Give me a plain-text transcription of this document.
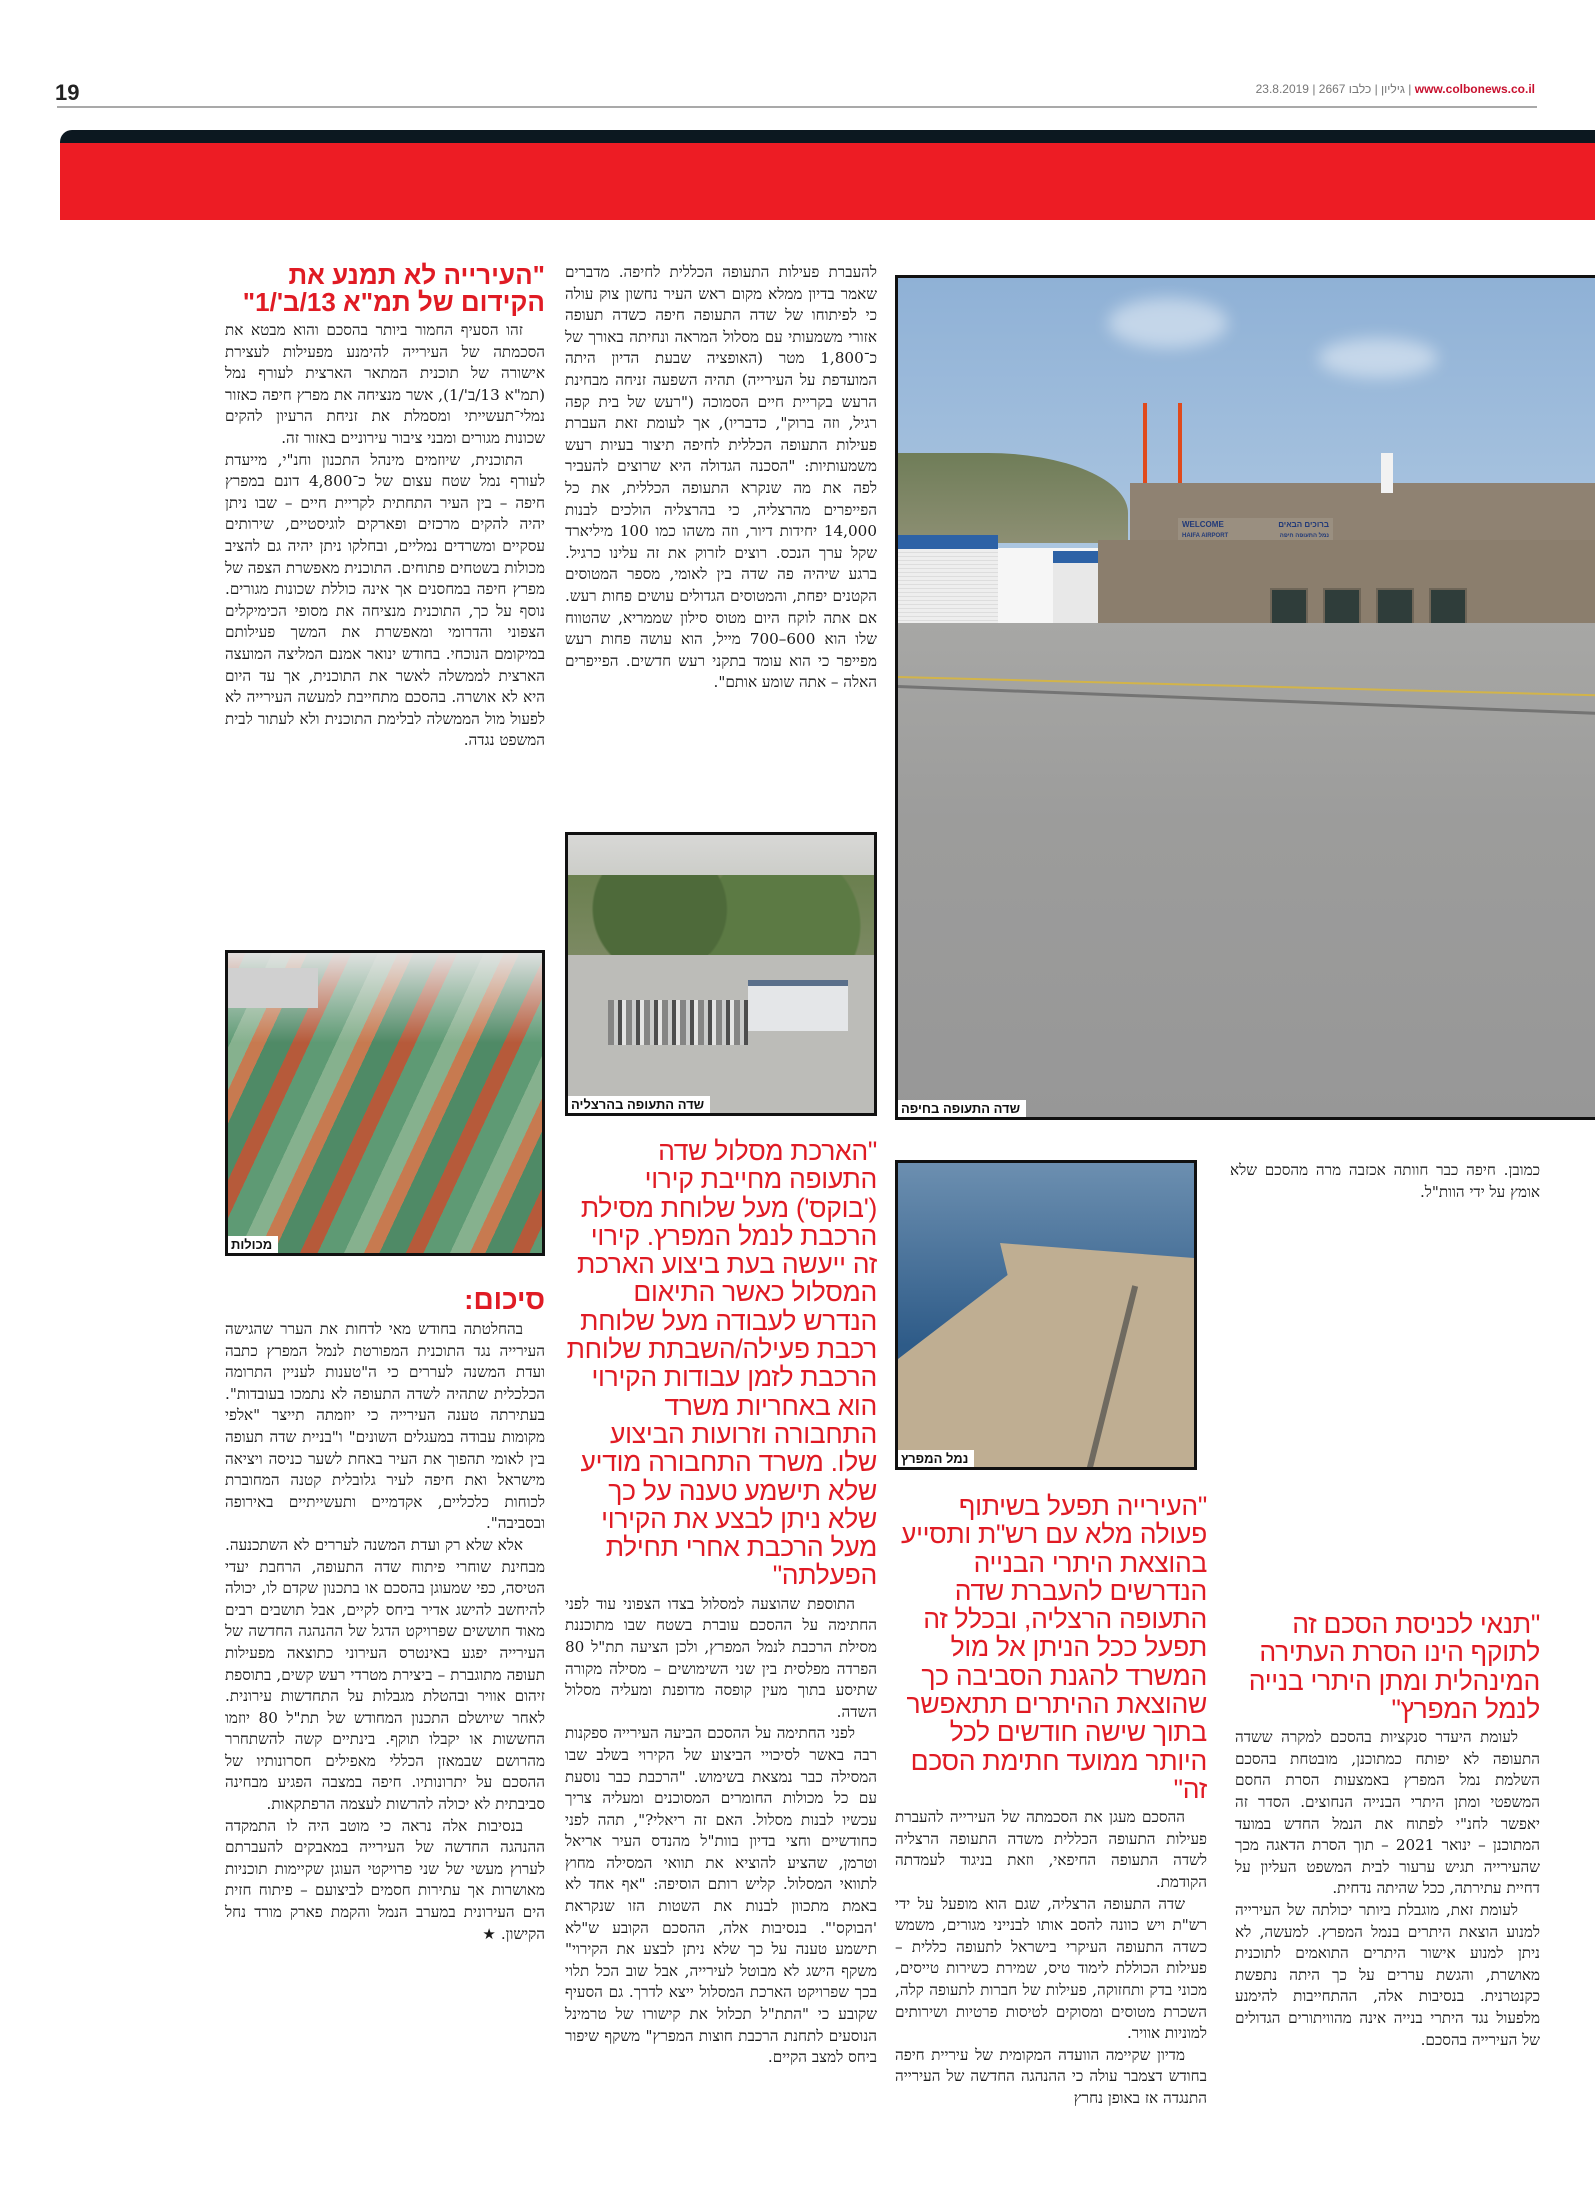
19	23.8.2019 | 2667 גיליון | כלבו | www.colbonews.co.il
WELCOME	ברוכים הבאים
HAIFA AIRPORT	נמל התעופה חיפה
שדה התעופה בחיפה
שדה התעופה בהרצליה
מכולות
נמל המפרץ
"העירייה לא תמנע את הקידום של תמ"א 13/ב'/1"

זהו הסעיף החמור ביותר בהסכם והוא מבטא את הסכמתה של העירייה להימנע מפעילות לעצירת אישורה של תוכנית המתאר הארצית לעורף נמל (תמ"א 13/ב'/1), אשר מנציחה את מפרץ חיפה כאזור נמלי־תעשייתי ומסמלת את זניחת הרעיון להקים שכונות מגורים ומבני ציבור עירוניים באזור זה.

התוכנית, שיוזמים מינהל התכנון וחנ"י, מייעדת לעורף נמל שטח עצום של כ־4,800 דונם במפרץ חיפה – בין העיר התחתית לקריית חיים – שבו ניתן יהיה להקים מרכזים ופארקים לוגיסטיים, שירותים עסקיים ומשרדים נמליים, ובחלקו ניתן יהיה גם להציב מכולות בשטחים פתוחים. התוכנית מאפשרת הצפה של מפרץ חיפה במחסנים אך אינה כוללת שכונות מגורים. נוסף על כך, התוכנית מנציחה את מסופי הכימיקלים הצפוני והדרומי ומאפשרת את המשך פעילותם במיקומם הנוכחי. בחודש ינואר אמנם המליצה המועצה הארצית לממשלה לאשר את התוכנית, אך עד היום היא לא אושרה. בהסכם מתחייבת למעשה העירייה לא לפעול מול הממשלה לבלימת התוכנית ולא לעתור לבית המשפט נגדה.

סיכום:

בהחלטתה בחודש מאי לדחות את הערר שהגישה העירייה נגד התוכנית המפורטת לנמל המפרץ כתבה ועדת המשנה לעררים כי ה"טענות לעניין התרומה הכלכלית שתהיה לשדה התעופה לא נתמכו בעובדות". בעתירתה טענה העירייה כי יוזמתה תייצר "אלפי מקומות עבודה במעגלים השונים" ו"בניית שדה תעופה בין לאומי תהפוך את העיר באחת לשער כניסה ויציאה מישראל ואת חיפה לעיר גלובלית קטנה המחוברת לכוחות כלכליים, אקדמיים ותעשייתיים באירופה ובסביבה".

אלא שלא רק ועדת המשנה לעררים לא השתכנעה. מבחינת שוחרי פיתוח שדה התעופה, הרחבת יעדי הטיסה, כפי שמעוגן בהסכם או בתכנון שקדם לו, יכולה להיחשב להישג אדיר ביחס לקיים, אבל תושבים רבים מאוד חוששים שפרויקט הדגל של ההנהגה החדשה של העירייה יפגע באינטרס העירוני כתוצאה מפעילות תעופה מתוגברת – ביצירת מטרדי רעש קשים, בתוספת זיהום אוויר ובהטלת מגבלות על התחדשות עירונית. לאחר שיושלם התכנון המחודש של תת"ל 80 יוזמו החששות או יקבלו תוקף. בינתיים קשה להשתחרר מהרושם שבמאזן הכללי מאפילים חסרונותיו של ההסכם על יתרונותיו. חיפה במצבה הפגיע מבחינה סביבתית לא יכולה להרשות לעצמה הרפתקאות.

בנסיבות אלה נראה כי מוטב היה לו התמקדה ההנהגה החדשה של העירייה במאבקים להעברתם לערוץ מעשי של שני פרויקטי העוגן שקיימות תוכניות מאושרות אך עתירות חסמים לביצועם – פיתוח חזית הים העירונית במערב הנמל והקמת פארק מורד נחל הקישון. ★

להעברת פעילות התעופה הכללית לחיפה. מדברים שאמר בדיון ממלא מקום ראש העיר נחשון צוק עולה כי לפיתוחו של שדה התעופה חיפה כשדה תעופה אזורי משמעותי עם מסלול המראה ונחיתה באורך של כ־1,800 מטר (האופציה שבעת הדיון היתה המועדפת על העירייה) תהיה השפעה זניחה מבחינת הרעש בקריית חיים הסמוכה ("רעש של בית קפה רגיל, וזה ברוק", כדבריו), אך לעומת זאת העברת פעילות התעופה הכללית לחיפה תיצור בעיות רעש משמעותיות: "הסכנה הגדולה היא שרוצים להעביר לפה את מה שנקרא התעופה הכללית, את כל הפייפרים מהרצליה, כי בהרצליה הולכים לבנות 14,000 יחידות דיור, וזה משהו כמו 100 מיליארד שקל ערך הנכס. רוצים לזרוק את זה עלינו כרגיל. ברגע שיהיה פה שדה בין לאומי, מספר המטוסים הקטנים יפחת, והמטוסים הגדולים עושים פחות רעש. אם אתה לוקח היום מטוס סילון שממריא, שהטווח שלו הוא 600–700 מייל, הוא עושה פחות רעש מפייפר כי הוא עומד בתקני רעש חדשים. הפייפרים האלה – אתה שומע אותם".

"הארכת מסלול שדה התעופה מחייבת קירוי ('בוקס') מעל שלוחת מסילת הרכבת לנמל המפרץ. קירוי זה ייעשה בעת ביצוע הארכת המסלול כאשר התיאום הנדרש לעבודה מעל שלוחת רכבת פעילה/השבתת שלוחת הרכבת לזמן עבודות הקירוי הוא באחריות משרד התחבורה וזרועות הביצוע שלו. משרד התחבורה מודיע שלא תישמע טענה על כך שלא ניתן לבצע את הקירוי מעל הרכבת אחרי תחילת הפעלתה"

התוספת שהוצעה למסלול בצדו הצפוני עוד לפני החתימה על ההסכם עוברת בשטח שבו מתוכננת מסילת הרכבת לנמל המפרץ, ולכן הציעה תת"ל 80 הפרדה מפלסית בין שני השימושים – מסילה מקורה שתיסע בתוך מעין קופסה מדופנת ומעליה מסלול השדה.

לפני החתימה על ההסכם הביעה העירייה ספקנות רבה באשר לסיכויי הביצוע של הקירוי בשלב שבו המסילה כבר נמצאת בשימוש. "הרכבת כבר נוסעת עם כל מכולות החומרים המסוכנים ומעליה צריך עכשיו לבנות מסלול. האם זה ריאלי?", תהה לפני כחודשיים וחצי בדיון בוות"ל מהנדס העיר אריאל וטרמן, שהציע להוציא את תוואי המסילה מחוץ לתוואי המסלול. קליש רותם הוסיפה: "אף אחד לא באמת מתכוון לבנות את השטות הזו שנקראת 'הבוקס'". בנסיבות אלה, ההסכם הקובע ש"לא תישמע טענה על כך שלא ניתן לבצע את הקירוי" משקף הישג לא מבוטל לעירייה, אבל שוב הכל תלוי בכך שפרויקט הארכת המסלול ייצא לדרך. גם הסעיף שקובע כי "התת"ל תכלול את קישורו של טרמינל הנוסעים לתחנת הרכבת חוצות המפרץ" משקף שיפור ביחס למצב הקיים.

כמובן. חיפה כבר חוותה אכזבה מרה מהסכם שלא אומץ על ידי הוות"ל.

"העירייה תפעל בשיתוף פעולה מלא עם רש"ת ותסייע בהוצאת היתרי הבנייה הנדרשים להעברת שדה התעופה הרצליה, ובכלל זה תפעל ככל הניתן אל מול המשרד להגנת הסביבה כך שהוצאת ההיתרים תתאפשר בתוך שישה חודשים לכל היותר ממועד חתימת הסכם זה"

ההסכם מעגן את הסכמתה של העירייה להעברת פעילות התעופה הכללית משדה התעופה הרצליה לשדה התעופה החיפאי, וזאת בניגוד לעמדתה הקודמת.

שדה התעופה הרצליה, שגם הוא מופעל על ידי רש"ת ויש כוונה להסב אותו לבנייני מגורים, משמש כשדה התעופה העיקרי בישראל לתעופה כללית – פעילות הכוללת לימוד טיס, שמירת כשירות טייסים, מכוני בדק ותחזוקה, פעילות של חברות לתעופה קלה, השכרת מטוסים ומסוקים לטיסות פרטיות ושירותים למוניות אוויר.

מדיון שקיימה הוועדה המקומית של עיריית חיפה בחודש דצמבר עולה כי ההנהגה החדשה של העירייה התנגדה אז באופן נחרץ

"תנאי לכניסת הסכם זה לתוקף הינו הסרת העתירה המינהלית ומתן היתרי בנייה לנמל המפרץ"

לעומת היעדר סנקציות בהסכם למקרה ששדה התעופה לא יפותח כמתוכנן, מובטחת בהסכם השלמת נמל המפרץ באמצעות הסרת החסם המשפטי ומתן היתרי הבנייה הנחוצים. הסדר זה יאפשר לחנ"י לפתוח את הנמל החדש במועד המתוכנן – ינואר 2021 – תוך הסרת הדאגה מכך שהעירייה תגיש ערעור לבית המשפט העליון על דחיית עתירתה, ככל שהיתה נדחית.

לעומת זאת, מוגבלת ביותר יכולתה של העירייה למנוע הוצאת היתרים בנמל המפרץ. למעשה, לא ניתן למנוע אישור היתרים התואמים לתוכנית מאושרת, והגשת עררים על כך היתה נתפשת כקנטרנית. בנסיבות אלה, ההתחייבות להימנע מלפעול נגד היתרי בנייה אינה מהוויתורים הגדולים של העירייה בהסכם.
